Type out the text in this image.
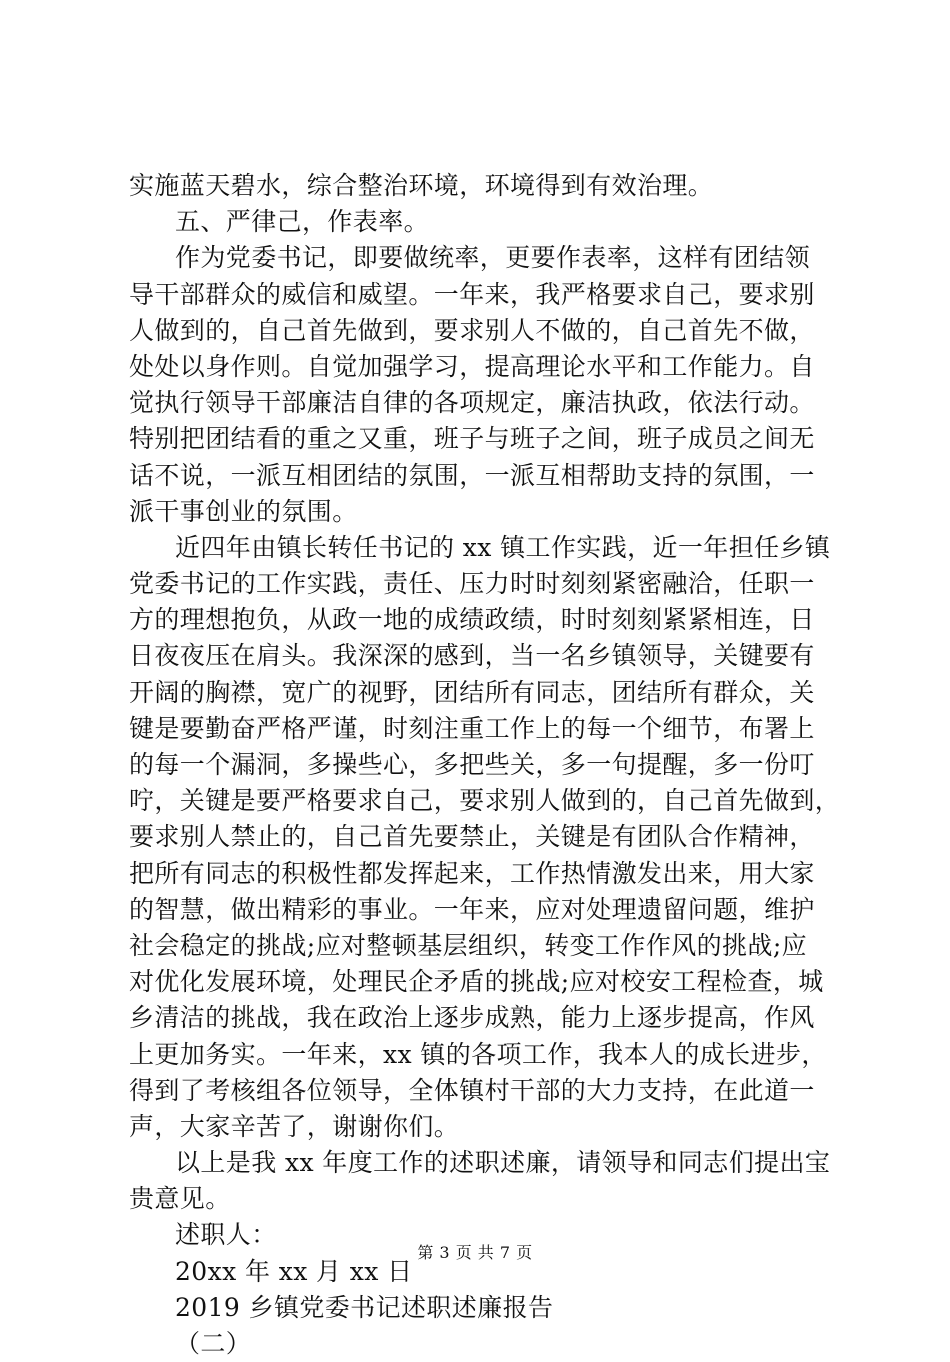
实施蓝天碧水，综合整治环境，环境得到有效治理。
五、严律己，作表率。
作为党委书记，即要做统率，更要作表率，这样有团结领
导干部群众的威信和威望。一年来，我严格要求自己，要求别
人做到的，自己首先做到，要求别人不做的，自己首先不做，
处处以身作则。自觉加强学习，提高理论水平和工作能力。自
觉执行领导干部廉洁自律的各项规定，廉洁执政，依法行动。
特别把团结看的重之又重，班子与班子之间，班子成员之间无
话不说，一派互相团结的氛围，一派互相帮助支持的氛围，一
派干事创业的氛围。
近四年由镇长转任书记的 xx 镇工作实践，近一年担任乡镇
党委书记的工作实践，责任、压力时时刻刻紧密融洽，任职一
方的理想抱负，从政一地的成绩政绩，时时刻刻紧紧相连，日
日夜夜压在肩头。我深深的感到，当一名乡镇领导，关键要有
开阔的胸襟，宽广的视野，团结所有同志，团结所有群众，关
键是要勤奋严格严谨，时刻注重工作上的每一个细节，布署上
的每一个漏洞，多操些心，多把些关，多一句提醒，多一份叮
咛，关键是要严格要求自己，要求别人做到的，自己首先做到，
要求别人禁止的，自己首先要禁止，关键是有团队合作精神，
把所有同志的积极性都发挥起来，工作热情激发出来，用大家
的智慧，做出精彩的事业。一年来，应对处理遗留问题，维护
社会稳定的挑战;应对整顿基层组织，转变工作作风的挑战;应
对优化发展环境，处理民企矛盾的挑战;应对校安工程检查，城
乡清洁的挑战，我在政治上逐步成熟，能力上逐步提高，作风
上更加务实。一年来，xx 镇的各项工作，我本人的成长进步，
得到了考核组各位领导，全体镇村干部的大力支持，在此道一
声，大家辛苦了，谢谢你们。
以上是我 xx 年度工作的述职述廉，请领导和同志们提出宝
贵意见。
述职人：
20xx 年 xx 月 xx 日
2019 乡镇党委书记述职述廉报告
（二）
第 3 页 共 7 页
